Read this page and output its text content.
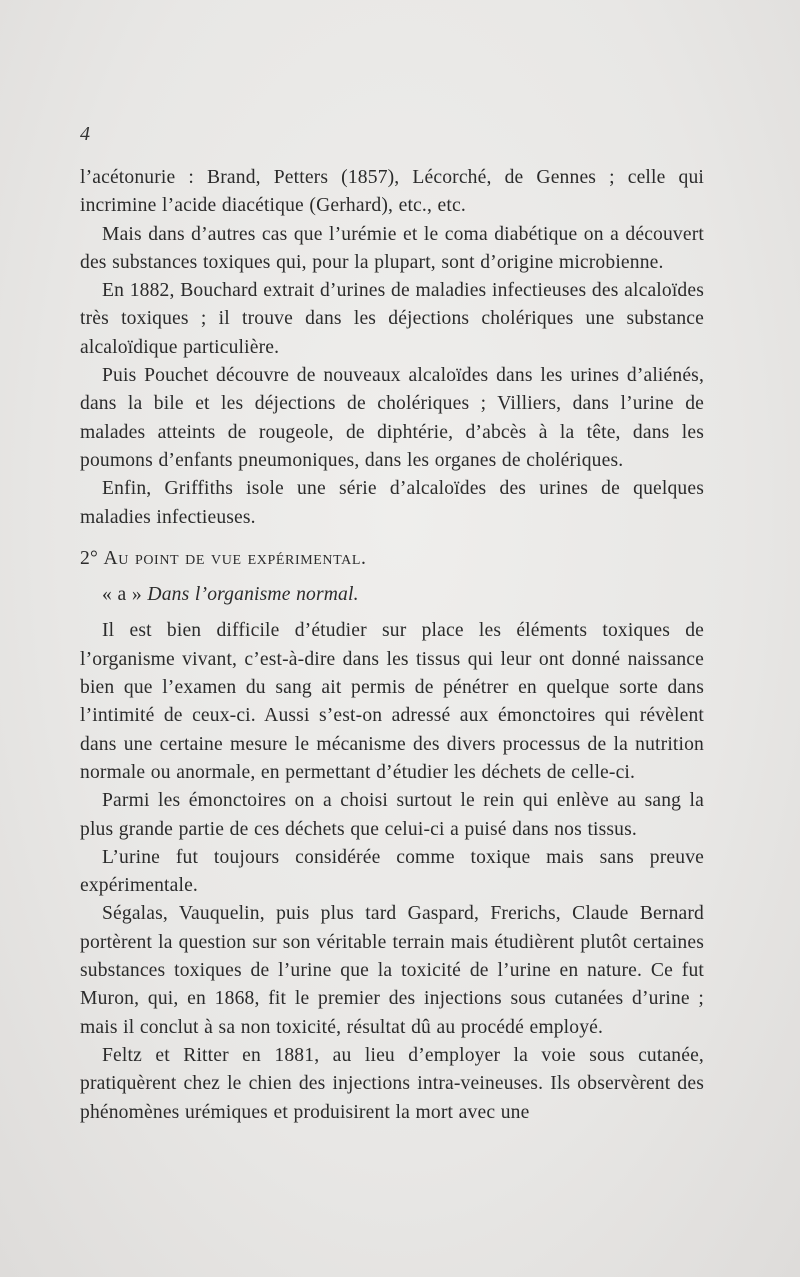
4

l’acétonurie : Brand, Petters (1857), Lécorché, de Gennes ; celle qui incrimine l’acide diacétique (Gerhard), etc., etc.

Mais dans d’autres cas que l’urémie et le coma diabétique on a découvert des substances toxiques qui, pour la plupart, sont d’origine microbienne.

En 1882, Bouchard extrait d’urines de maladies infectieuses des alcaloïdes très toxiques ; il trouve dans les déjections cholériques une substance alcaloïdique particulière.

Puis Pouchet découvre de nouveaux alcaloïdes dans les urines d’aliénés, dans la bile et les déjections de cholériques ; Villiers, dans l’urine de malades atteints de rougeole, de diphtérie, d’abcès à la tête, dans les poumons d’enfants pneumoniques, dans les organes de cholériques.

Enfin, Griffiths isole une série d’alcaloïdes des urines de quelques maladies infectieuses.

2° Au point de vue expérimental.

« a » Dans l’organisme normal.

Il est bien difficile d’étudier sur place les éléments toxiques de l’organisme vivant, c’est-à-dire dans les tissus qui leur ont donné naissance bien que l’examen du sang ait permis de pénétrer en quelque sorte dans l’intimité de ceux-ci. Aussi s’est-on adressé aux émonctoires qui révèlent dans une certaine mesure le mécanisme des divers processus de la nutrition normale ou anormale, en permettant d’étudier les déchets de celle-ci.

Parmi les émonctoires on a choisi surtout le rein qui enlève au sang la plus grande partie de ces déchets que celui-ci a puisé dans nos tissus.

L’urine fut toujours considérée comme toxique mais sans preuve expérimentale.

Ségalas, Vauquelin, puis plus tard Gaspard, Frerichs, Claude Bernard portèrent la question sur son véritable terrain mais étudièrent plutôt certaines substances toxiques de l’urine que la toxicité de l’urine en nature. Ce fut Muron, qui, en 1868, fit le premier des injections sous cutanées d’urine ; mais il conclut à sa non toxicité, résultat dû au procédé employé.

Feltz et Ritter en 1881, au lieu d’employer la voie sous cutanée, pratiquèrent chez le chien des injections intra-veineuses. Ils observèrent des phénomènes urémiques et produisirent la mort avec une
